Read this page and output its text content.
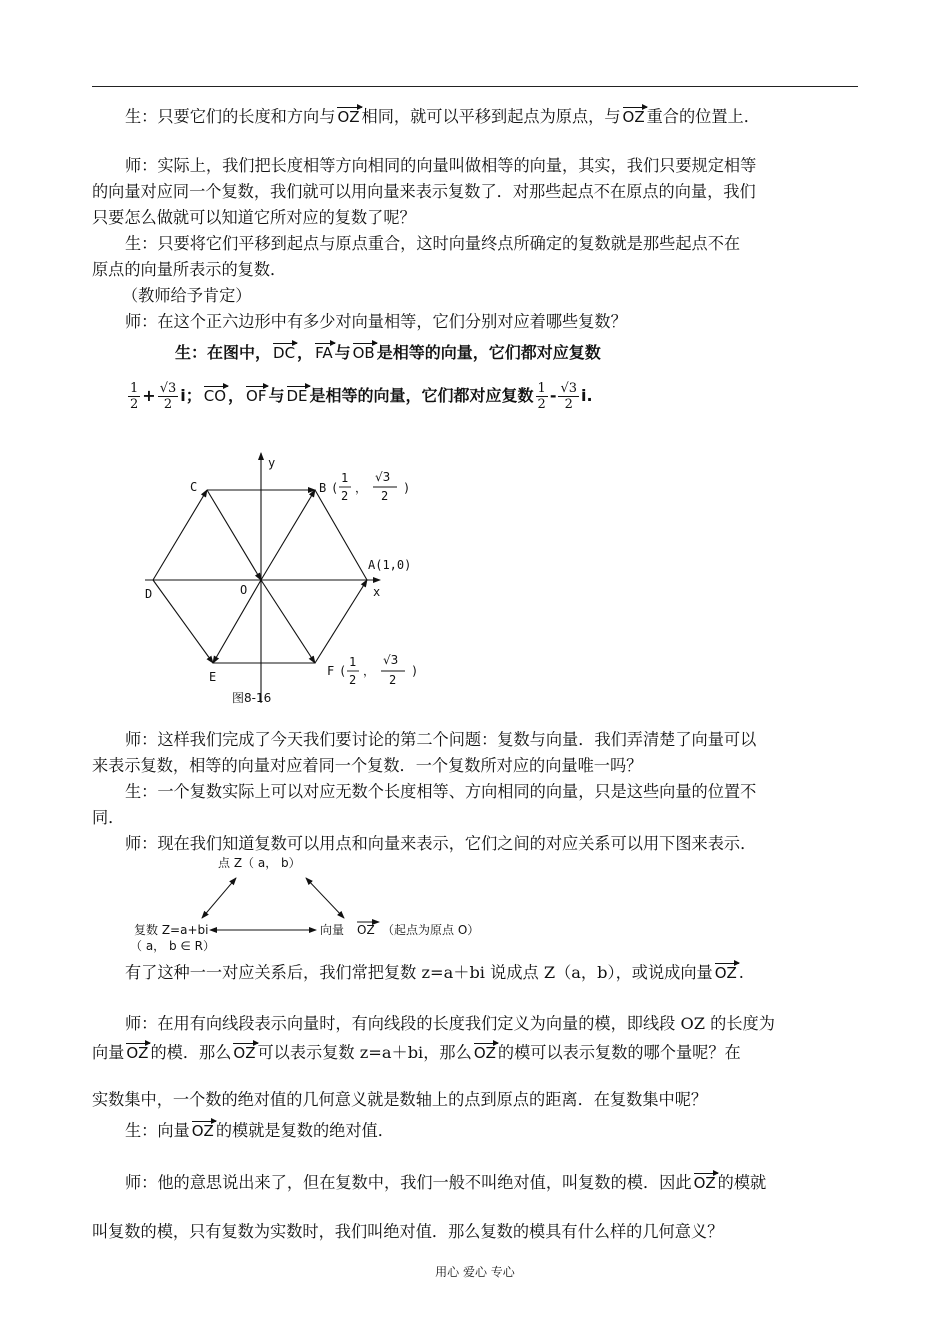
生：只要它们的长度和方向与 OZ 相同，就可以平移到起点为原点，与 OZ 重合的位置上．
师：实际上，我们把长度相等方向相同的向量叫做相等的向量，其实，我们只要规定相等
的向量对应同一个复数，我们就可以用向量来表示复数了．对那些起点不在原点的向量，我们
只要怎么做就可以知道它所对应的复数了呢？
生：只要将它们平移到起点与原点重合，这时向量终点所确定的复数就是那些起点不在
原点的向量所表示的复数．
（教师给予肯定）
师：在这个正六边形中有多少对向量相等，它们分别对应着哪些复数？
生：在图中， DC ， FA 与 OB 是相等的向量，它们都对应复数
$\frac{1}{2} + \frac{√3}{2}$ i； CO ， OF 与 DE 是相等的向量，它们都对应复数 $\frac{1}{2} - \frac{√3}{2} i$.
y
x
C	B (
1
2
，
√3
2
)
A(1,0)
D	O
E	F (
1
2
，
√3
2
)
图8-16
师：这样我们完成了今天我们要讨论的第二个问题：复数与向量．我们弄清楚了向量可以
来表示复数，相等的向量对应着同一个复数．一个复数所对应的向量唯一吗？
生：一个复数实际上可以对应无数个长度相等、方向相同的向量，只是这些向量的位置不
同．
师：现在我们知道复数可以用点和向量来表示，它们之间的对应关系可以用下图来表示．
点 Z（ a， b）
复数 Z=a+bi
（ a， b ∈ R）
向量 OZ （起点为原点 O）
有了这种一一对应关系后，我们常把复数 z=a＋bi 说成点 Z（a，b），或说成向量 OZ .
师：在用有向线段表示向量时，有向线段的长度我们定义为向量的模，即线段 OZ 的长度为
向量 OZ 的模．那么 OZ 可以表示复数 z=a＋bi，那么 OZ 的模可以表示复数的哪个量呢？在
实数集中，一个数的绝对值的几何意义就是数轴上的点到原点的距离．在复数集中呢？
生：向量 OZ 的模就是复数的绝对值．
师：他的意思说出来了，但在复数中，我们一般不叫绝对值，叫复数的模．因此 OZ 的模就
叫复数的模，只有复数为实数时，我们叫绝对值．那么复数的模具有什么样的几何意义？
用心 爱心 专心
